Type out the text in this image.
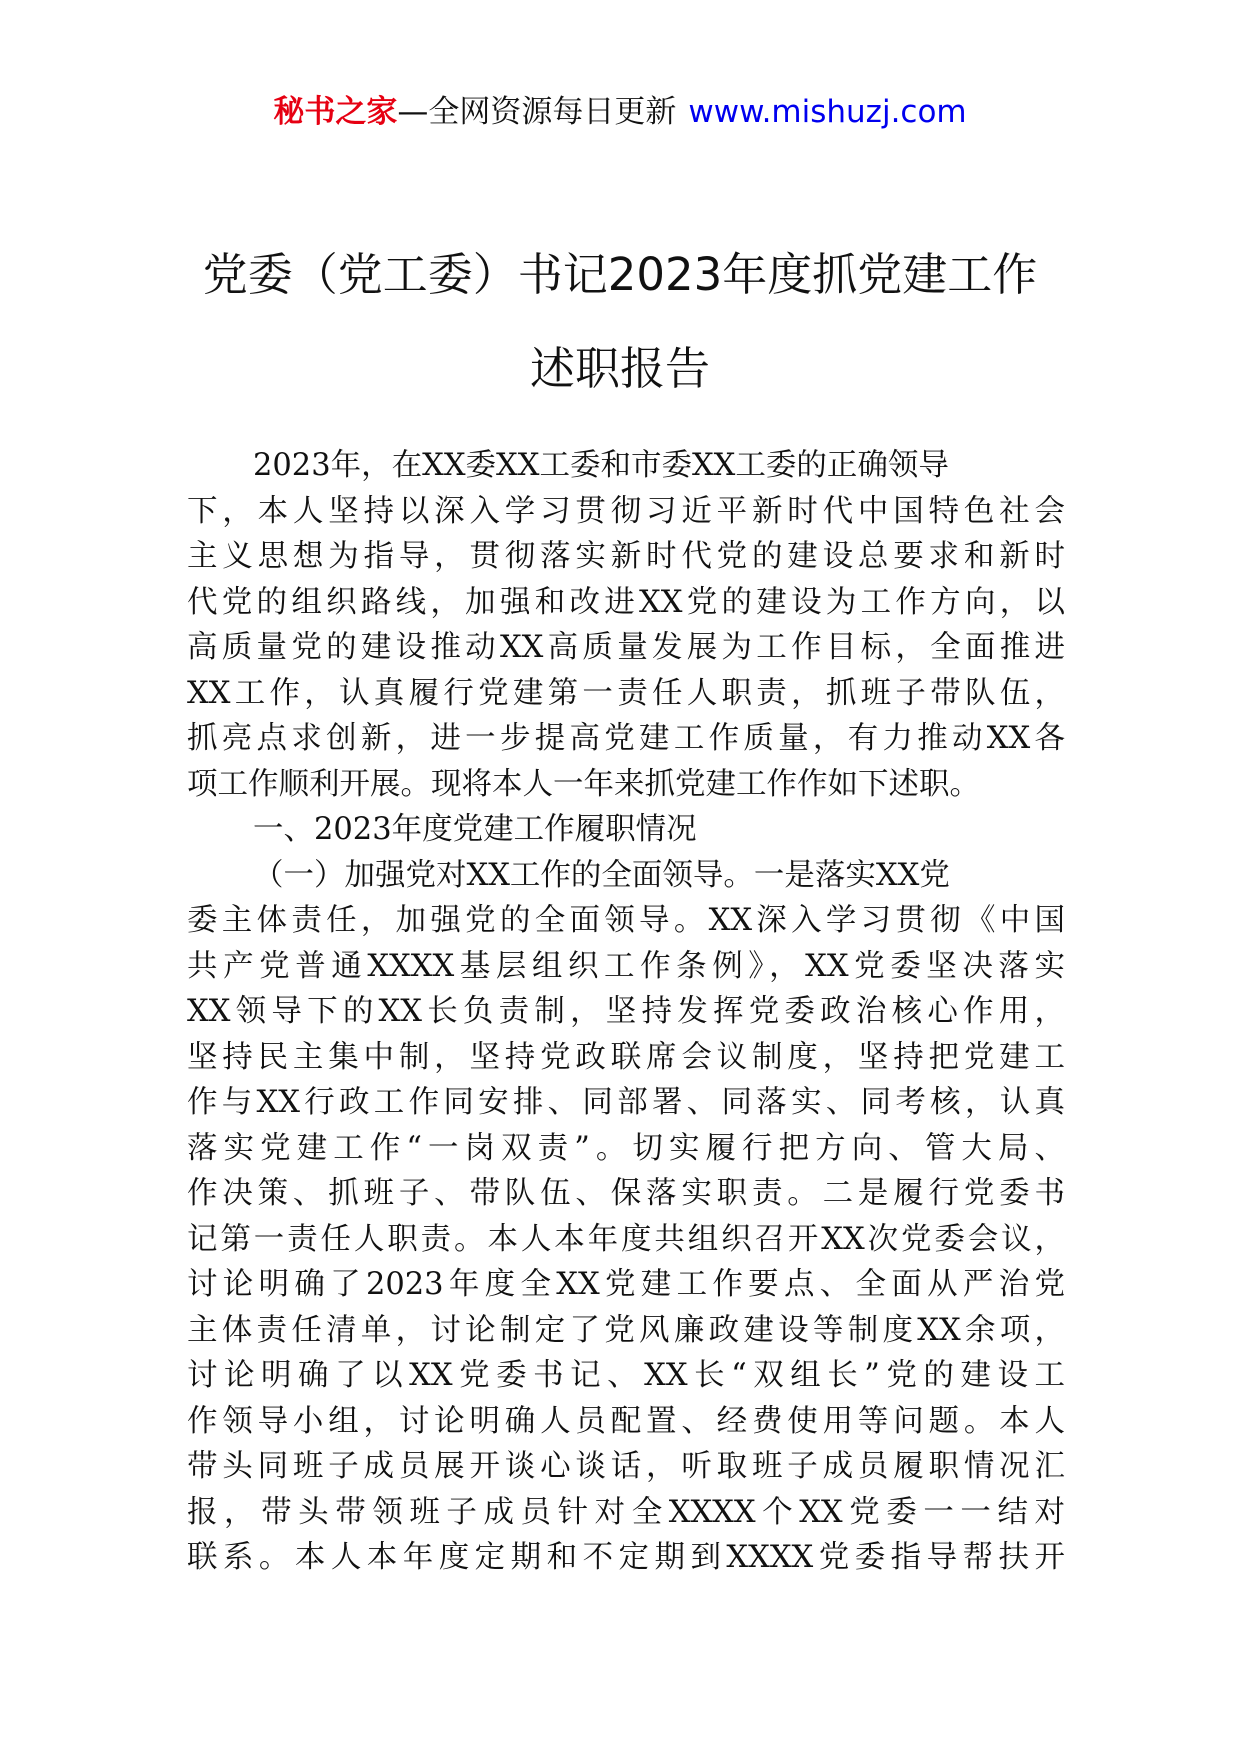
秘书之家—全网资源每日更新 www.mishuzj.com
党委（党工委）书记2023年度抓党建工作
述职报告
2023年，在XX委XX工委和市委XX工委的正确领导
下，本人坚持以深入学习贯彻习近平新时代中国特色社会
主义思想为指导，贯彻落实新时代党的建设总要求和新时
代党的组织路线，加强和改进XX党的建设为工作方向，以
高质量党的建设推动XX高质量发展为工作目标，全面推进
XX工作，认真履行党建第一责任人职责，抓班子带队伍，
抓亮点求创新，进一步提高党建工作质量，有力推动XX各
项工作顺利开展。现将本人一年来抓党建工作作如下述职。
一、2023年度党建工作履职情况
（一）加强党对XX工作的全面领导。一是落实XX党
委主体责任，加强党的全面领导。XX深入学习贯彻《中国
共产党普通XXXX基层组织工作条例》，XX党委坚决落实
XX领导下的XX长负责制，坚持发挥党委政治核心作用，
坚持民主集中制，坚持党政联席会议制度，坚持把党建工
作与XX行政工作同安排、同部署、同落实、同考核，认真
落实党建工作“一岗双责”。切实履行把方向、管大局、
作决策、抓班子、带队伍、保落实职责。二是履行党委书
记第一责任人职责。本人本年度共组织召开XX次党委会议，
讨论明确了2023年度全XX党建工作要点、全面从严治党
主体责任清单，讨论制定了党风廉政建设等制度XX余项，
讨论明确了以XX党委书记、XX长“双组长”党的建设工
作领导小组，讨论明确人员配置、经费使用等问题。本人
带头同班子成员展开谈心谈话，听取班子成员履职情况汇
报，带头带领班子成员针对全XXXX个XX党委一一结对
联系。本人本年度定期和不定期到XXXX党委指导帮扶开
